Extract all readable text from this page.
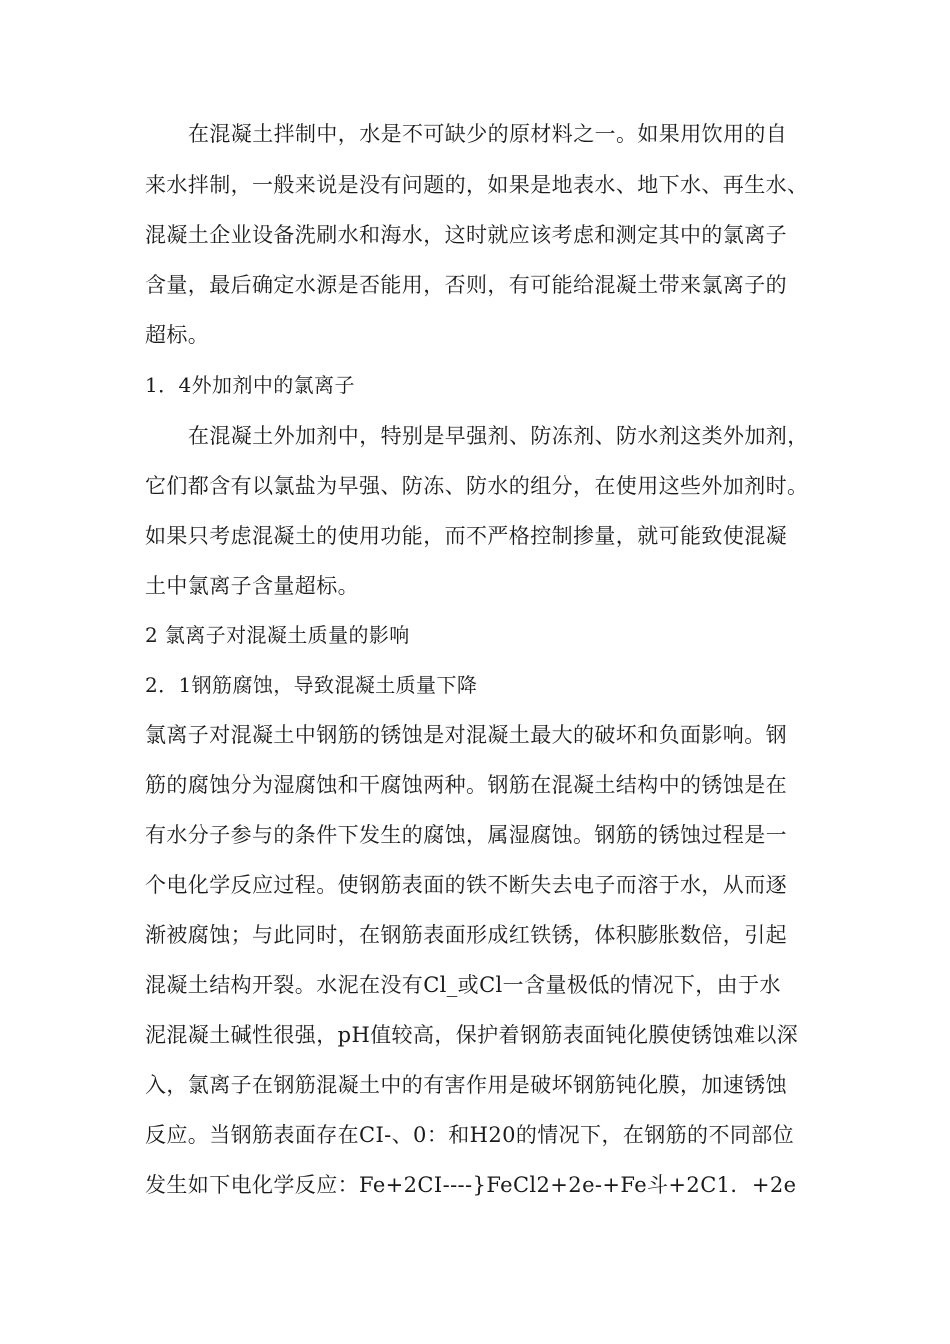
在混凝土拌制中，水是不可缺少的原材料之一。如果用饮用的自
来水拌制，一般来说是没有问题的，如果是地表水、地下水、再生水、
混凝土企业设备洗刷水和海水，这时就应该考虑和测定其中的氯离子
含量，最后确定水源是否能用，否则，有可能给混凝土带来氯离子的
超标。
1．4外加剂中的氯离子
在混凝土外加剂中，特别是早强剂、防冻剂、防水剂这类外加剂，
它们都含有以氯盐为早强、防冻、防水的组分，在使用这些外加剂时。
如果只考虑混凝土的使用功能，而不严格控制掺量，就可能致使混凝
土中氯离子含量超标。
2 氯离子对混凝土质量的影响
2．1钢筋腐蚀，导致混凝土质量下降
氯离子对混凝土中钢筋的锈蚀是对混凝土最大的破坏和负面影响。钢
筋的腐蚀分为湿腐蚀和干腐蚀两种。钢筋在混凝土结构中的锈蚀是在
有水分子参与的条件下发生的腐蚀，属湿腐蚀。钢筋的锈蚀过程是一
个电化学反应过程。使钢筋表面的铁不断失去电子而溶于水，从而逐
渐被腐蚀；与此同时，在钢筋表面形成红铁锈，体积膨胀数倍，引起
混凝土结构开裂。水泥在没有Cl_或Cl一含量极低的情况下，由于水
泥混凝土碱性很强，pH值较高，保护着钢筋表面钝化膜使锈蚀难以深
入，氯离子在钢筋混凝土中的有害作用是破坏钢筋钝化膜，加速锈蚀
反应。当钢筋表面存在CI-、0：和H20的情况下，在钢筋的不同部位
发生如下电化学反应：Fe+2CI----}FeCl2+2e-+Fe斗+2C1．+2e
